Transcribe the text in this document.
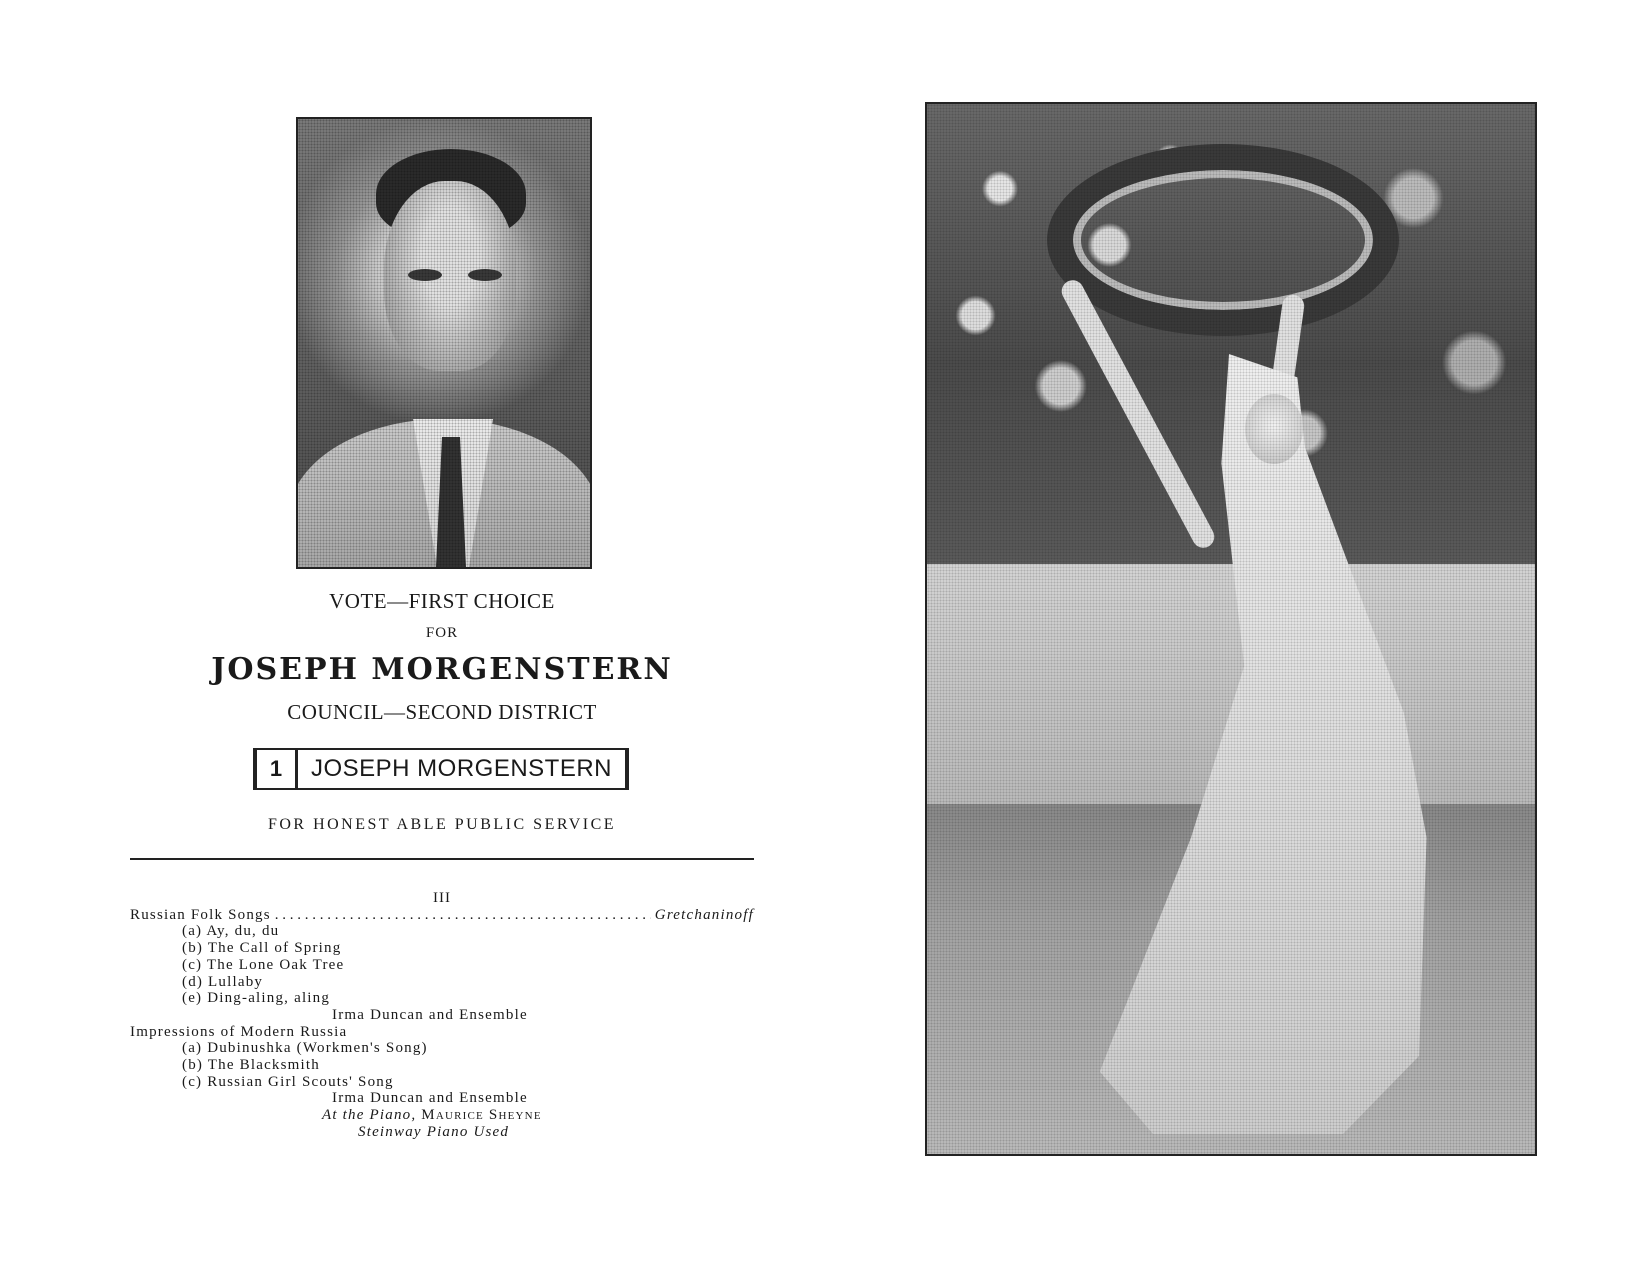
VOTE—FIRST CHOICE
FOR
JOSEPH MORGENSTERN
COUNCIL—SECOND DISTRICT
1	JOSEPH MORGENSTERN
FOR HONEST ABLE PUBLIC SERVICE
III
Russian Folk Songs
. . .	Gretchaninoff
(a) Ay, du, du
(b) The Call of Spring
(c) The Lone Oak Tree
(d) Lullaby
(e) Ding-aling, aling
Irma Duncan and Ensemble
Impressions of Modern Russia
(a) Dubinushka (Workmen's Song)
(b) The Blacksmith
(c) Russian Girl Scouts' Song
Irma Duncan and Ensemble
At the Piano, Maurice Sheyne
Steinway Piano Used
